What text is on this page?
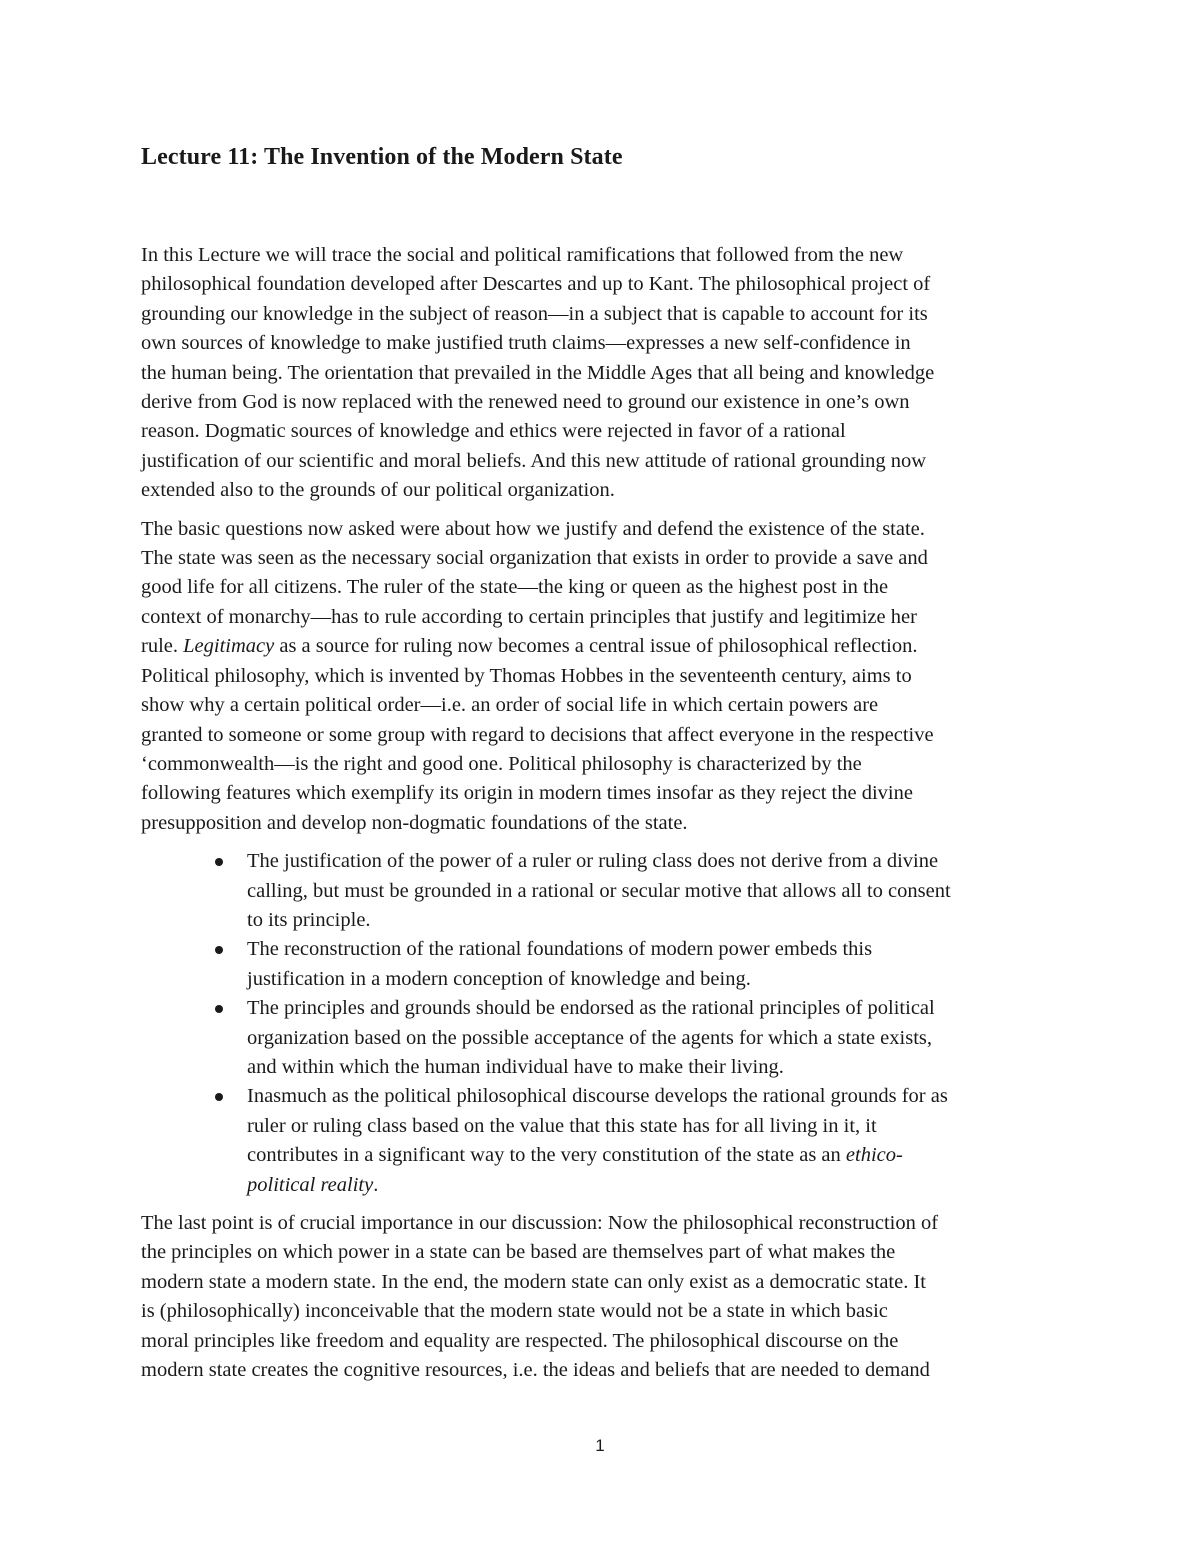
Lecture 11: The Invention of the Modern State

In this Lecture we will trace the social and political ramifications that followed from the new
philosophical foundation developed after Descartes and up to Kant. The philosophical project of
grounding our knowledge in the subject of reason—in a subject that is capable to account for its
own sources of knowledge to make justified truth claims—expresses a new self-confidence in
the human being. The orientation that prevailed in the Middle Ages that all being and knowledge
derive from God is now replaced with the renewed need to ground our existence in one’s own
reason. Dogmatic sources of knowledge and ethics were rejected in favor of a rational
justification of our scientific and moral beliefs. And this new attitude of rational grounding now
extended also to the grounds of our political organization.

The basic questions now asked were about how we justify and defend the existence of the state.
The state was seen as the necessary social organization that exists in order to provide a save and
good life for all citizens. The ruler of the state—the king or queen as the highest post in the
context of monarchy—has to rule according to certain principles that justify and legitimize her
rule. Legitimacy as a source for ruling now becomes a central issue of philosophical reflection.
Political philosophy, which is invented by Thomas Hobbes in the seventeenth century, aims to
show why a certain political order—i.e. an order of social life in which certain powers are
granted to someone or some group with regard to decisions that affect everyone in the respective
‘commonwealth—is the right and good one. Political philosophy is characterized by the
following features which exemplify its origin in modern times insofar as they reject the divine
presupposition and develop non-dogmatic foundations of the state.

The justification of the power of a ruler or ruling class does not derive from a divine
calling, but must be grounded in a rational or secular motive that allows all to consent
to its principle.
The reconstruction of the rational foundations of modern power embeds this
justification in a modern conception of knowledge and being.
The principles and grounds should be endorsed as the rational principles of political
organization based on the possible acceptance of the agents for which a state exists,
and within which the human individual have to make their living.
Inasmuch as the political philosophical discourse develops the rational grounds for as
ruler or ruling class based on the value that this state has for all living in it, it
contributes in a significant way to the very constitution of the state as an ethico-
political reality.

The last point is of crucial importance in our discussion: Now the philosophical reconstruction of
the principles on which power in a state can be based are themselves part of what makes the
modern state a modern state. In the end, the modern state can only exist as a democratic state. It
is (philosophically) inconceivable that the modern state would not be a state in which basic
moral principles like freedom and equality are respected. The philosophical discourse on the
modern state creates the cognitive resources, i.e. the ideas and beliefs that are needed to demand

1
